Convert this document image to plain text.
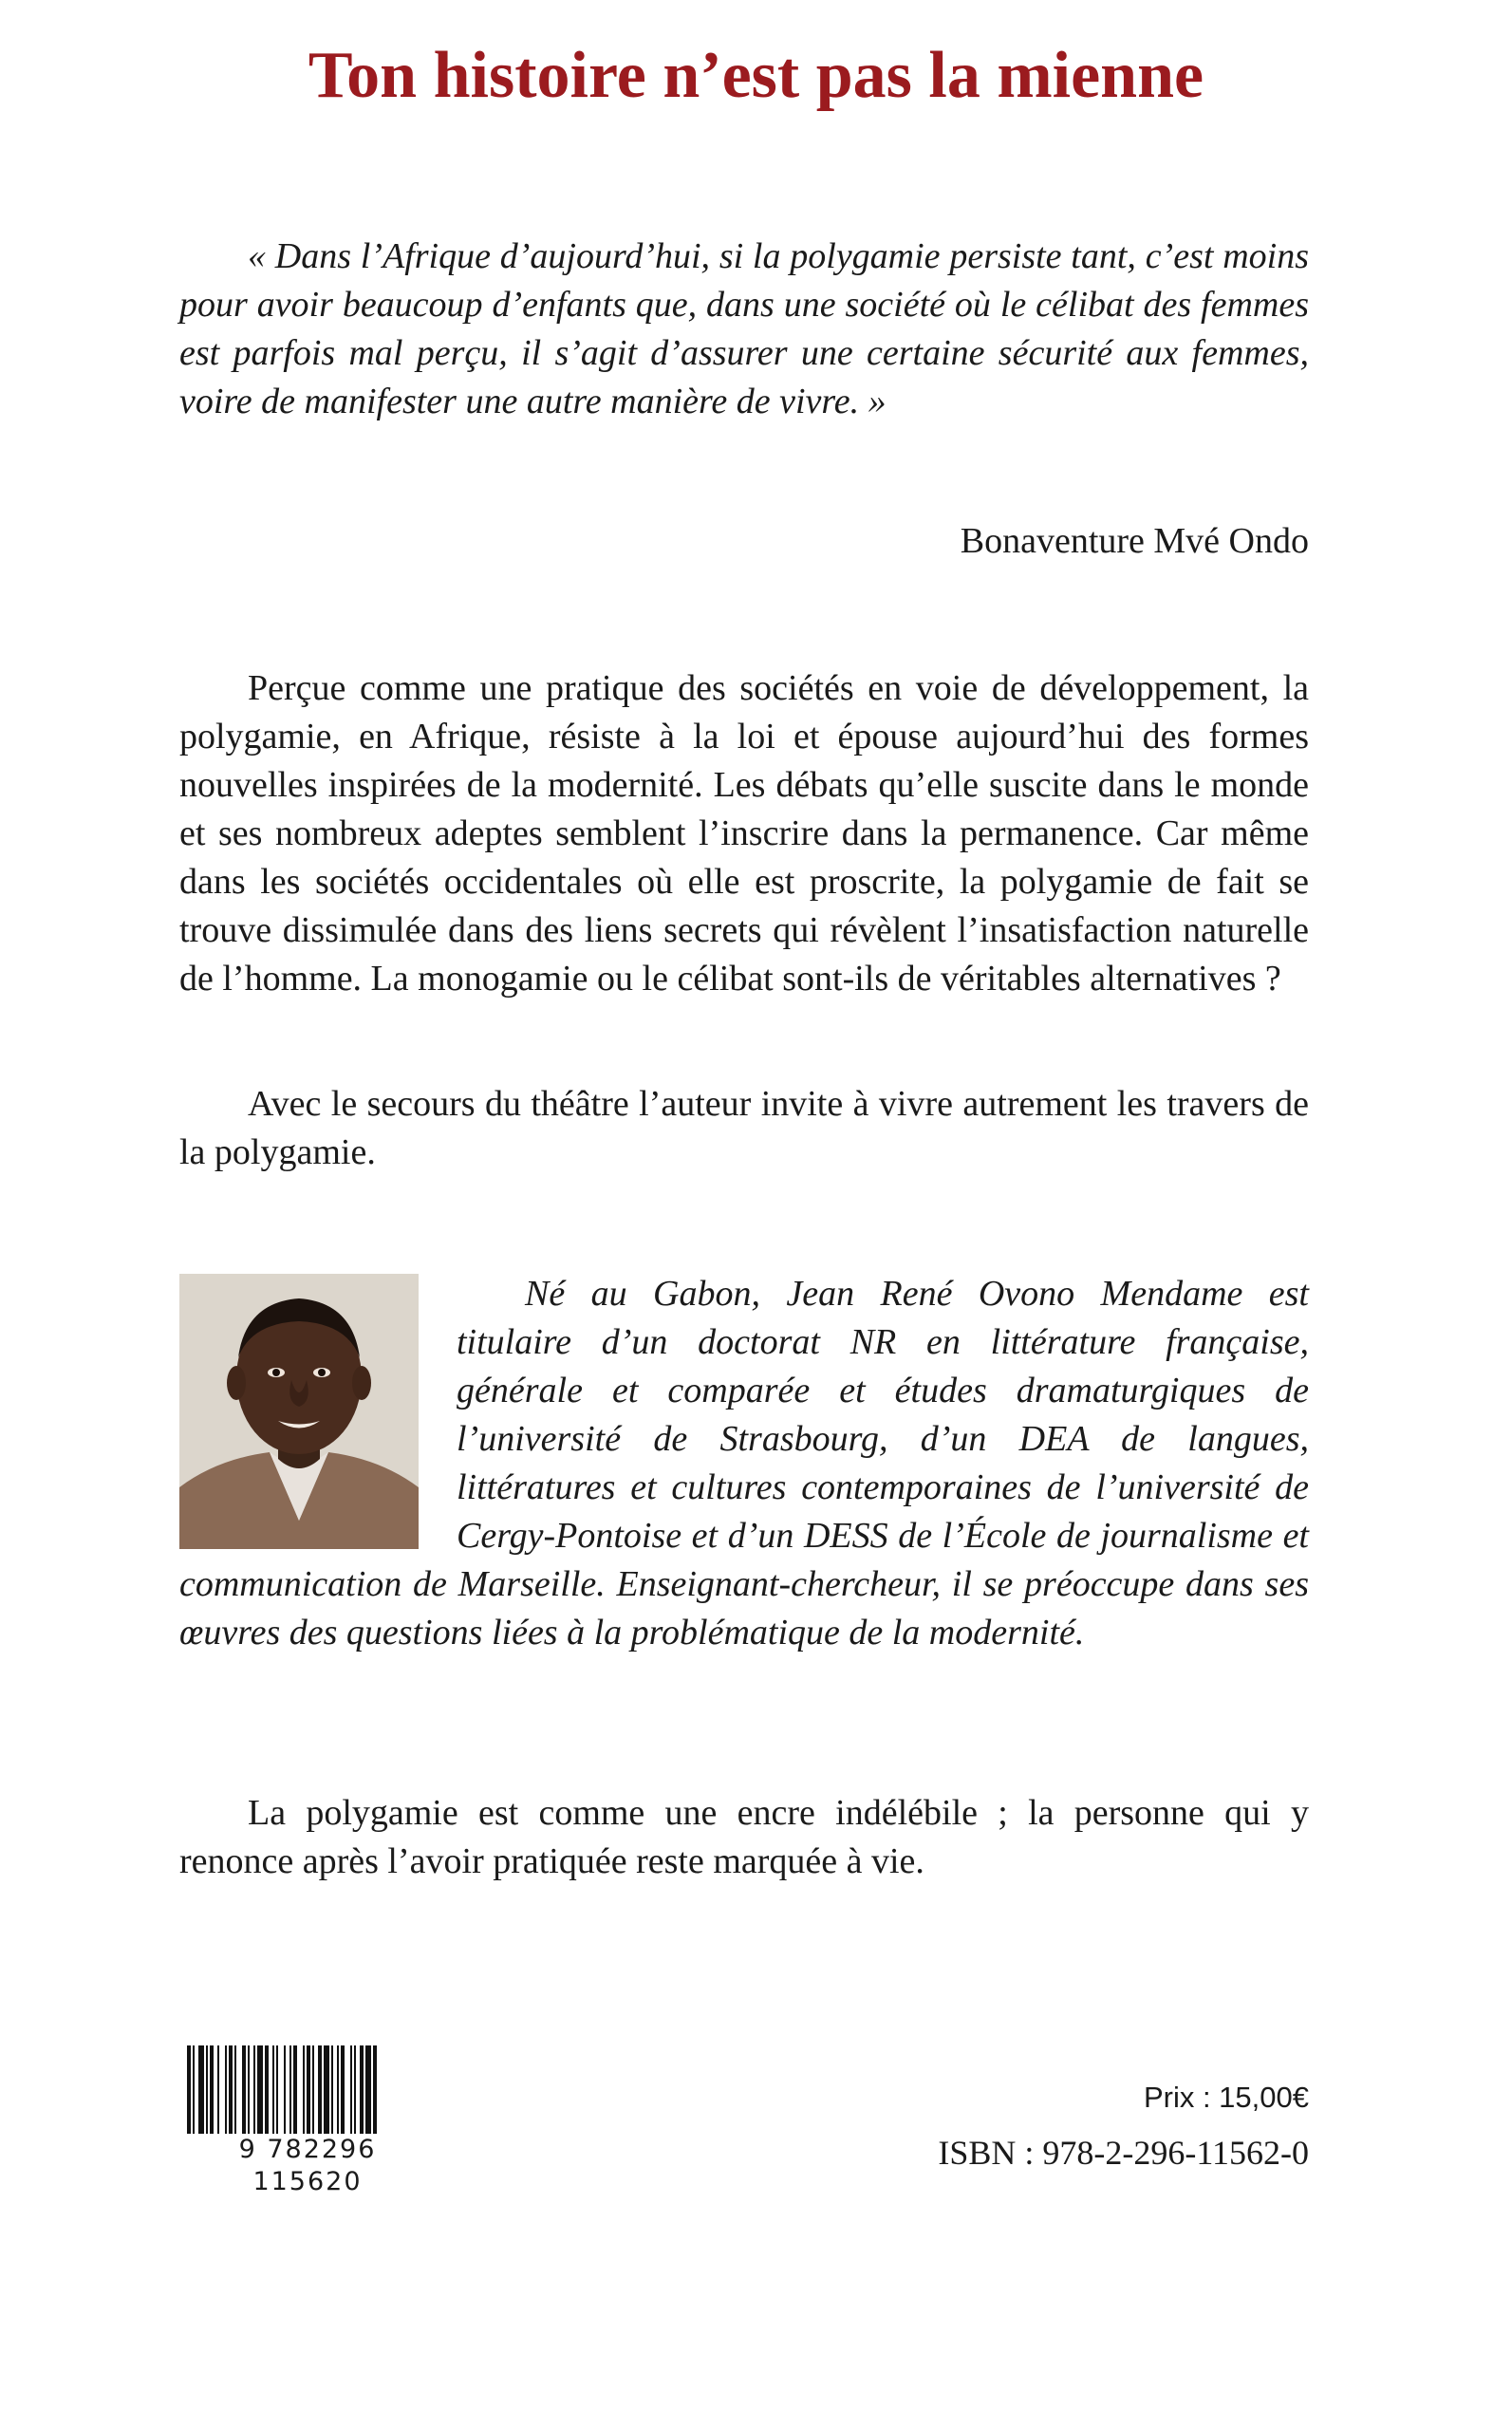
Ton histoire n’est pas la mienne

« Dans l’Afrique d’aujourd’hui, si la polygamie persiste tant, c’est moins pour avoir beaucoup d’enfants que, dans une société où le célibat des femmes est parfois mal perçu, il s’agit d’assurer une certaine sécurité aux femmes, voire de manifester une autre manière de vivre. »

Bonaventure Mvé Ondo

Perçue comme une pratique des sociétés en voie de développement, la polygamie, en Afrique, résiste à la loi et épouse aujourd’hui des formes nouvelles inspirées de la modernité. Les débats qu’elle suscite dans le monde et ses nombreux adeptes semblent l’inscrire dans la permanence. Car même dans les sociétés occidentales où elle est proscrite, la polygamie de fait se trouve dissimulée dans des liens secrets qui révèlent l’insatisfaction naturelle de l’homme. La monogamie ou le célibat sont-ils de véritables alternatives ?

Avec le secours du théâtre l’auteur invite à vivre autrement les travers de la polygamie.

Né au Gabon, Jean René Ovono Mendame est titulaire d’un doctorat NR en littérature française, générale et comparée et études dramaturgiques de l’université de Strasbourg, d’un DEA de langues, littératures et cultures contemporaines de l’université de Cergy-Pontoise et d’un DESS de l’École de journalisme et communication de Marseille. Enseignant-chercheur, il se préoccupe dans ses œuvres des questions liées à la problématique de la modernité.

La polygamie est comme une encre indélébile ; la personne qui y renonce après l’avoir pratiquée reste marquée à vie.

9 782296 115620

Prix : 15,00€

ISBN : 978-2-296-11562-0
